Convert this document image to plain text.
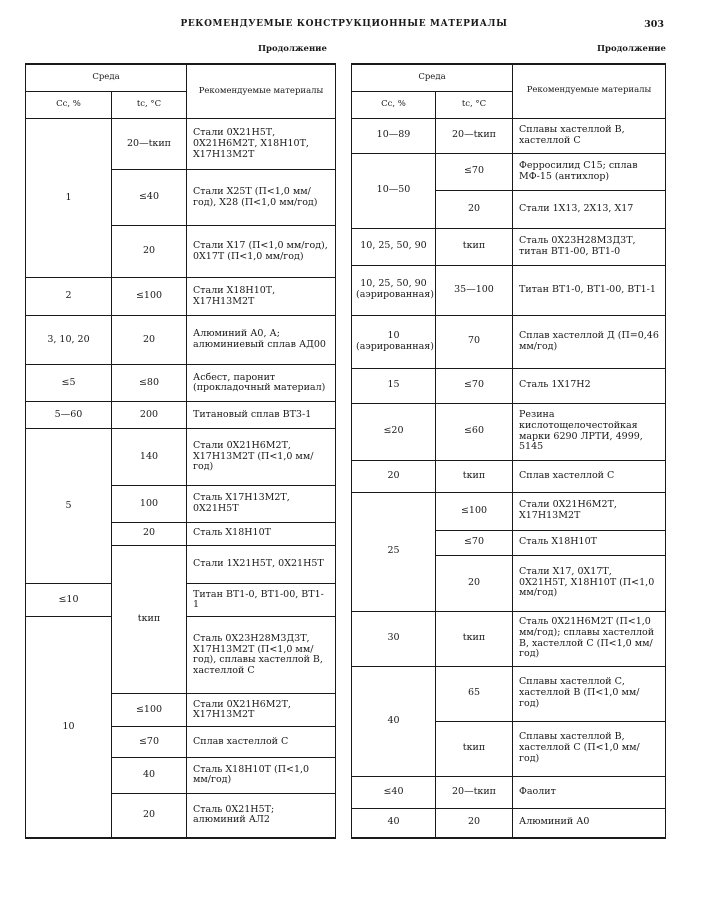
РЕКОМЕНДУЕМЫЕ КОНСТРУКЦИОННЫЕ МАТЕРИАЛЫ	303
Продолжение	Продолжение
Среда		Рекомендуемые материалы
Cс, %	tс, °C	
1	20—tкип	Стали 0Х21Н5Т, 0Х21Н6М2Т, Х18Н10Т, Х17Н13М2Т
	≤40	Стали Х25Т (П<1,0 мм/год), Х28 (П<1,0 мм/год)
	20	Стали Х17 (П<1,0 мм/год), 0Х17Т (П<1,0 мм/год)
2	≤100	Стали Х18Н10Т, Х17Н13М2Т
3, 10, 20	20	Алюминий А0, А; алюминиевый сплав АД00
≤5	≤80	Асбест, паронит (прокладочный материал)
5—60	200	Титановый сплав ВТ3-1
5	140	Стали 0Х21Н6М2Т, Х17Н13М2Т (П<1,0 мм/год)
	100	Сталь Х17Н13М2Т, 0Х21Н5Т
	20	Сталь Х18Н10Т
	tкип	Стали 1Х21Н5Т, 0Х21Н5Т
≤10		Титан ВТ1-0, ВТ1-00, ВТ1-1
10		Сталь 0Х23Н28М3Д3Т, Х17Н13М2Т (П<1,0 мм/год), сплавы хастеллой В, хастеллой С
	≤100	Стали 0Х21Н6М2Т, Х17Н13М2Т
	≤70	Сплав хастеллой С
	40	Сталь Х18Н10Т (П<1,0 мм/год)
	20	Сталь 0Х21Н5Т; алюминий АЛ2
Среда		Рекомендуемые материалы
Cс, %	tс, °C	
10—89	20—tкип	Сплавы хастеллой В, хастеллой С
10—50	≤70	Ферросилид С15; сплав МФ-15 (антихлор)
	20	Стали 1Х13, 2Х13, Х17
10, 25, 50, 90	tкип	Сталь 0Х23Н28М3Д3Т, титан ВТ1-00, ВТ1-0
10, 25, 50, 90 (аэрированная)	35—100	Титан ВТ1-0, ВТ1-00, ВТ1-1
10 (аэрированная)	70	Сплав хастеллой Д (П=0,46 мм/год)
15	≤70	Сталь 1Х17Н2
≤20	≤60	Резина кислотощелочестойкая марки 6290 ЛРТИ, 4999, 5145
20	tкип	Сплав хастеллой С
25	≤100	Стали 0Х21Н6М2Т, Х17Н13М2Т
	≤70	Сталь Х18Н10Т
	20	Стали Х17, 0Х17Т, 0Х21Н5Т, Х18Н10Т (П<1,0 мм/год)
30	tкип	Сталь 0Х21Н6М2Т (П<1,0 мм/год); сплавы хастеллой В, хастеллой С (П<1,0 мм/год)
40	65	Сплавы хастеллой С, хастеллой В (П<1,0 мм/год)
	tкип	Сплавы хастеллой В, хастеллой С (П<1,0 мм/год)
≤40	20—tкип	Фаолит
40	20	Алюминий А0
